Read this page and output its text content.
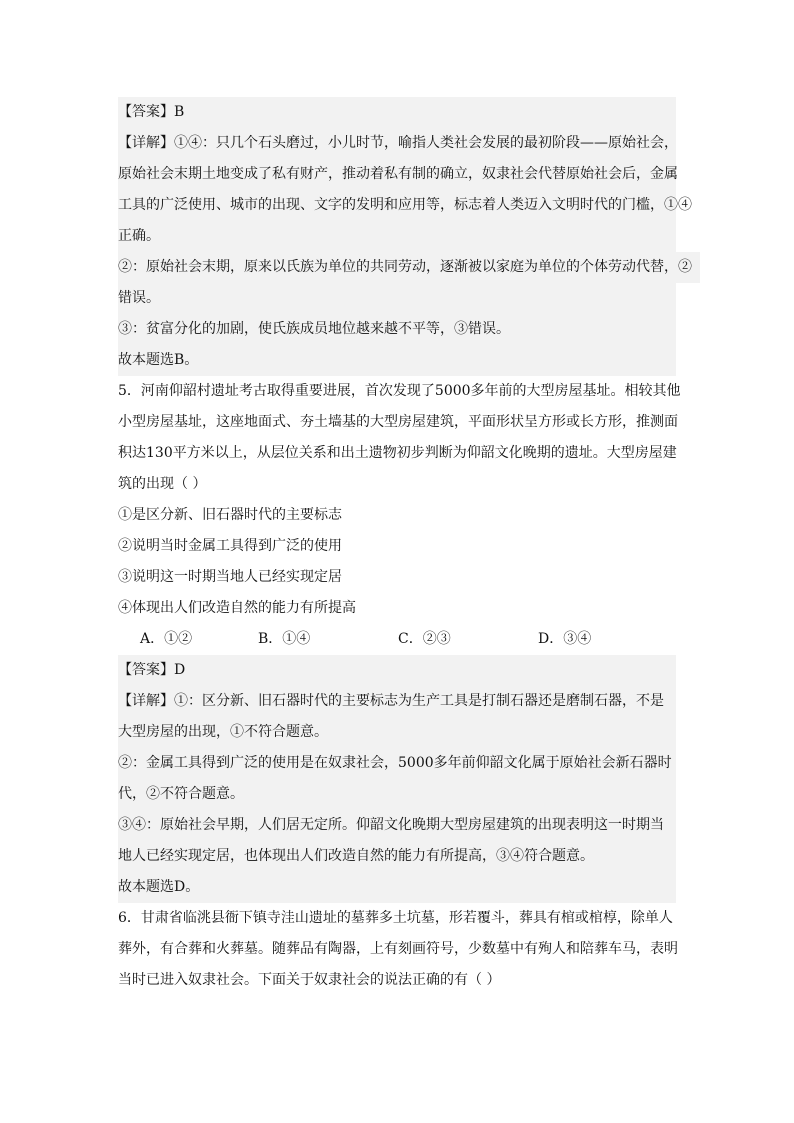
【答案】B
【详解】①④：只几个石头磨过，小儿时节，喻指人类社会发展的最初阶段——原始社会，
原始社会末期土地变成了私有财产，推动着私有制的确立，奴隶社会代替原始社会后，金属
工具的广泛使用、城市的出现、文字的发明和应用等，标志着人类迈入文明时代的门槛，①④
正确。
②：原始社会末期，原来以氏族为单位的共同劳动，逐渐被以家庭为单位的个体劳动代替，②
错误。
③：贫富分化的加剧，使氏族成员地位越来越不平等，③错误。
故本题选B。
5．河南仰韶村遗址考古取得重要进展，首次发现了5000多年前的大型房屋基址。相较其他
小型房屋基址，这座地面式、夯土墙基的大型房屋建筑，平面形状呈方形或长方形，推测面
积达130平方米以上，从层位关系和出土遗物初步判断为仰韶文化晚期的遗址。大型房屋建
筑的出现（ ）
①是区分新、旧石器时代的主要标志
②说明当时金属工具得到广泛的使用
③说明这一时期当地人已经实现定居
④体现出人们改造自然的能力有所提高
A．①②	B．①④	C．②③	D．③④
【答案】D
【详解】①：区分新、旧石器时代的主要标志为生产工具是打制石器还是磨制石器，不是
大型房屋的出现，①不符合题意。
②：金属工具得到广泛的使用是在奴隶社会，5000多年前仰韶文化属于原始社会新石器时
代，②不符合题意。
③④：原始社会早期，人们居无定所。仰韶文化晚期大型房屋建筑的出现表明这一时期当
地人已经实现定居，也体现出人们改造自然的能力有所提高，③④符合题意。
故本题选D。
6．甘肃省临洮县衙下镇寺洼山遗址的墓葬多土坑墓，形若覆斗，葬具有棺或棺椁，除单人
葬外，有合葬和火葬墓。随葬品有陶器，上有刻画符号，少数墓中有殉人和陪葬车马，表明
当时已进入奴隶社会。下面关于奴隶社会的说法正确的有（ ）
